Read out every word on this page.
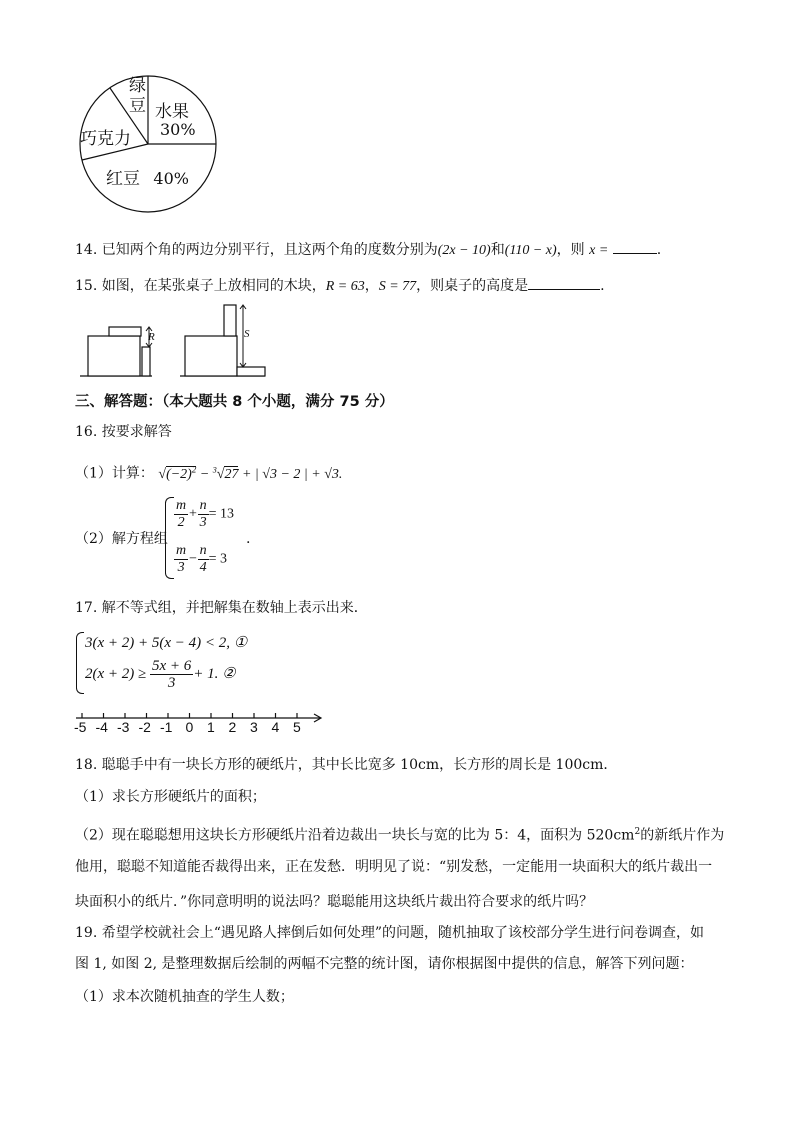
绿
豆 水果
30%
巧克力
红豆 40%
14. 已知两个角的两边分别平行，且这两个角的度数分别为(2x − 10)和(110 − x)，则 x =	.
15. 如图，在某张桌子上放相同的木块，R = 63，S = 77，则桌子的高度是	.
R	S
三、解答题：（本大题共 8 个小题，满分 75 分）
16. 按要求解答
（1）计算： $√(-2)^2 - ^3√27$ + | √3 − 2 | + √3.
（2）解方程组
$\frac{m}{2} + \frac{n}{3} = 13$
$\frac{m}{3} - \frac{n}{4} = 3$
.
17. 解不等式组，并把解集在数轴上表示出来．
3(x + 2) + 5(x − 4) < 2, ①
$2(x + 2) \ge \frac{5x + 6}{3} + 1$. ②
-5 -4 -3 -2 -1 0 1 2 3 4 5
18. 聪聪手中有一块长方形的硬纸片，其中长比宽多 10cm，长方形的周长是 100cm．
（1）求长方形硬纸片的面积；
（2）现在聪聪想用这块长方形硬纸片沿着边裁出一块长与宽的比为 5：4，面积为 $520cm^2$的新纸片作为
他用，聪聪不知道能否裁得出来，正在发愁．明明见了说：“别发愁，一定能用一块面积大的纸片裁出一
块面积小的纸片．”你同意明明的说法吗？聪聪能用这块纸片裁出符合要求的纸片吗？
19. 希望学校就社会上“遇见路人摔倒后如何处理”的问题，随机抽取了该校部分学生进行问卷调查，如
图 1, 如图 2, 是整理数据后绘制的两幅不完整的统计图，请你根据图中提供的信息，解答下列问题：
（1）求本次随机抽查的学生人数；
